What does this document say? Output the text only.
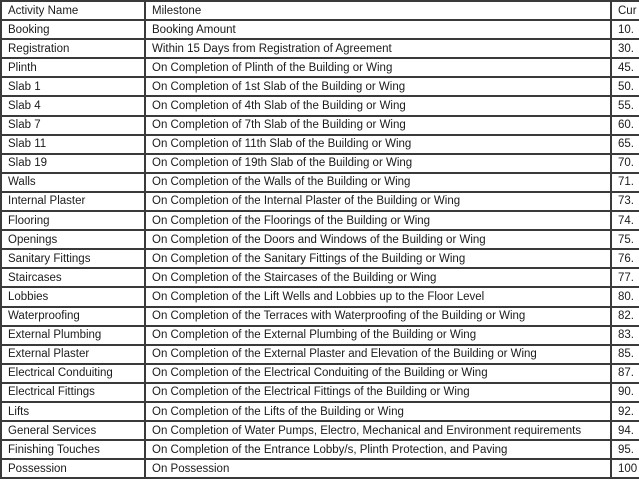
Activity Name	Milestone	Cur
Booking	Booking Amount	10.
Registration	Within 15 Days from Registration of Agreement	30.
Plinth	On Completion of Plinth of the Building or Wing	45.
Slab 1	On Completion of 1st Slab of the Building or Wing	50.
Slab 4	On Completion of 4th Slab of the Building or Wing	55.
Slab 7	On Completion of 7th Slab of the Building or Wing	60.
Slab 11	On Completion of 11th Slab of the Building or Wing	65.
Slab 19	On Completion of 19th Slab of the Building or Wing	70.
Walls	On Completion of the Walls of the Building or Wing	71.
Internal Plaster	On Completion of the Internal Plaster of the Building or Wing	73.
Flooring	On Completion of the Floorings of the Building or Wing	74.
Openings	On Completion of the Doors and Windows of the Building or Wing	75.
Sanitary Fittings	On Completion of the Sanitary Fittings of the Building or Wing	76.
Staircases	On Completion of the Staircases of the Building or Wing	77.
Lobbies	On Completion of the Lift Wells and Lobbies up to the Floor Level	80.
Waterproofing	On Completion of the Terraces with Waterproofing of the Building or Wing	82.
External Plumbing	On Completion of the External Plumbing of the Building or Wing	83.
External Plaster	On Completion of the External Plaster and Elevation of the Building or Wing	85.
Electrical Conduiting	On Completion of the Electrical Conduiting of the Building or Wing	87.
Electrical Fittings	On Completion of the Electrical Fittings of the Building or Wing	90.
Lifts	On Completion of the Lifts of the Building or Wing	92.
General Services	On Completion of Water Pumps, Electro, Mechanical and Environment requirements	94.
Finishing Touches	On Completion of the Entrance Lobby/s, Plinth Protection, and Paving	95.
Possession	On Possession	100
